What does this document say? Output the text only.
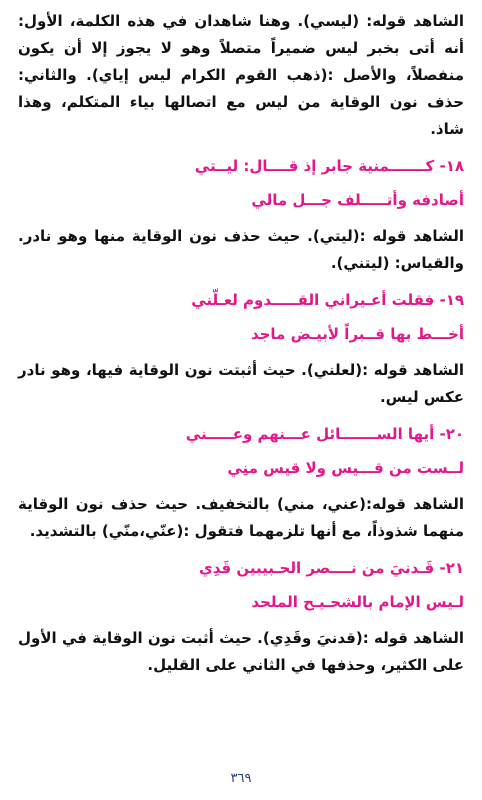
الشاهد قوله: (ليسي). وهنا شاهدان في هذه الكلمة، الأول: أنه أتى بخبر ليس ضميراً متصلاً وهو لا يجوز إلا أن يكون منفصلاً، والأصل :(ذهب القوم الكرام ليس إياي). والثاني: حذف نون الوقاية من ليس مع اتصالها بياء المتكلم، وهذا شاذ.

١٨- كـــــــمنية جابر إذ قــــال: ليــتي

أصادفه وأتـــــلف جـــل مالي

الشاهد قوله :(ليتي). حيث حذف نون الوقاية منها وهو نادر. والقياس: (ليتني).

١٩- فقلت أعـيراني القـــــدوم لعـلّني

أخـــط بها قــبراً لأبيـض ماجد

الشاهد قوله :(لعلني). حيث أثبتت نون الوقاية فيها، وهو نادر عكس ليس.

٢٠- أيها الســـــــائل عـــنهم وعـــــني

لــست من قـــيس ولا قيس منِي

الشاهد قوله:(عني، مني) بالتخفيف. حيث حذف نون الوقاية منهما شذوذاً، مع أنها تلزمهما فتقول :(عنّي،منّي) بالتشديد.

٢١- قَـدنيَ من نــــصر الحـبيبين قَدِي

لـيس الإمام بالشحـيـح الملحد

الشاهد قوله :(قدنيَ وقَدِي). حيث أثبت نون الوقاية في الأول على الكثير، وحذفها في الثاني على القليل.

٣٦٩
